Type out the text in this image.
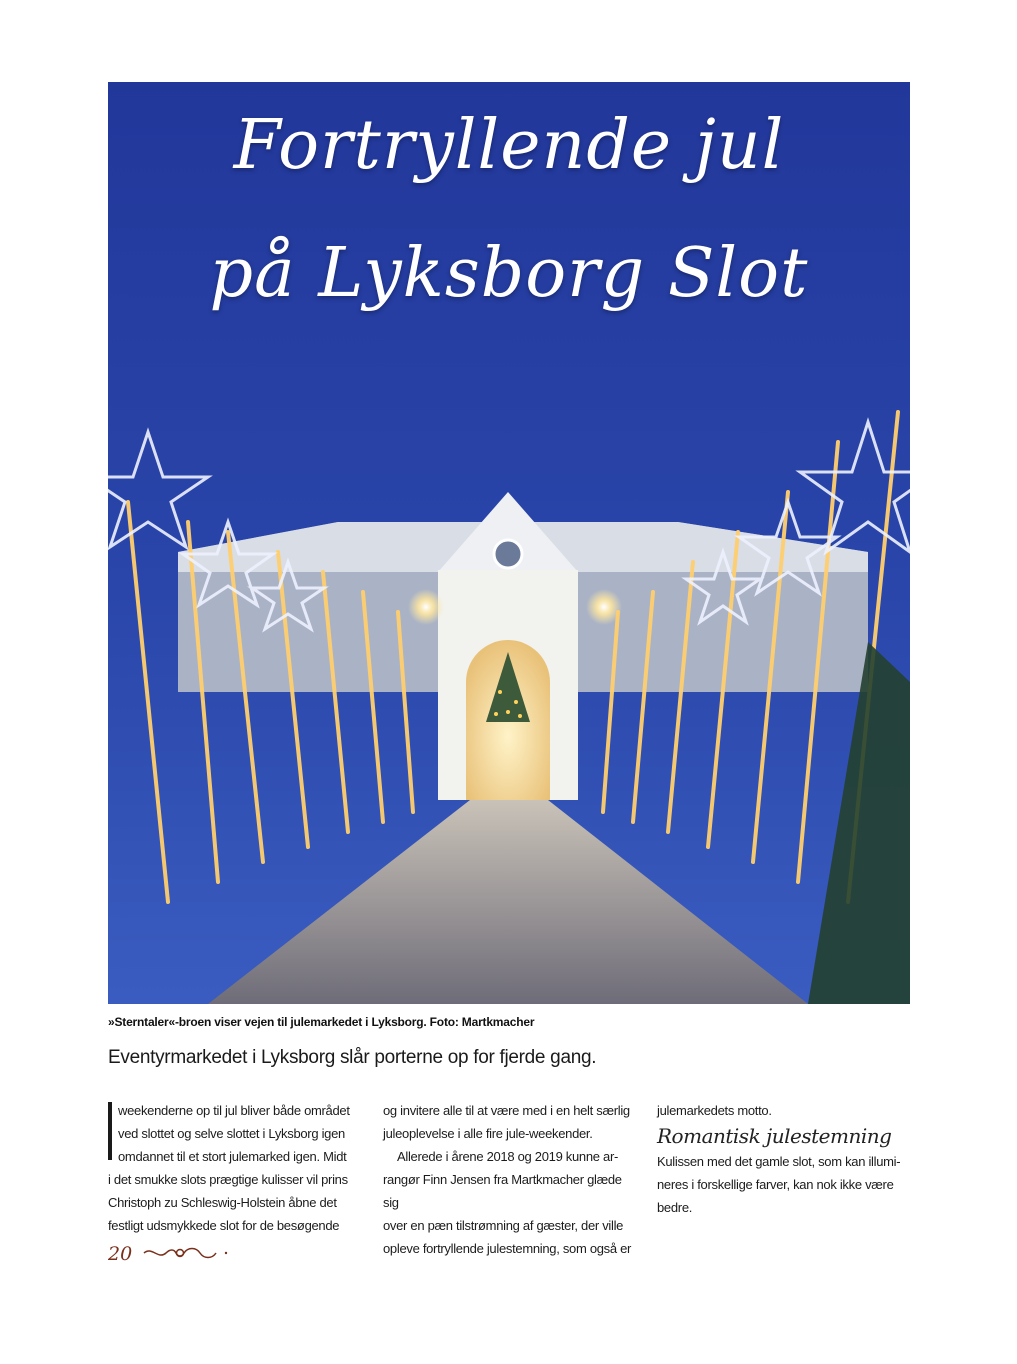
Fortryllende jul
på Lyksborg Slot
»Sterntaler«-broen viser vejen til julemarkedet i Lyksborg. Foto: Martkmacher
Eventyrmarkedet i Lyksborg slår porterne op for fjerde gang.

weekenderne op til jul bliver både området

ved slottet og selve slottet i Lyksborg igen

omdannet til et stort julemarked igen. Midt

i det smukke slots prægtige kulisser vil prins

Christoph zu Schleswig-Holstein åbne det

festligt udsmykkede slot for de besøgende

og invitere alle til at være med i en helt særlig

juleoplevelse i alle fire jule-weekender.

Allerede i årene 2018 og 2019 kunne ar-

rangør Finn Jensen fra Martkmacher glæde sig

over en pæn tilstrømning af gæster, der ville

opleve fortryllende julestemning, som også er

julemarkedets motto.

Romantisk julestemning

Kulissen med det gamle slot, som kan illumi-

neres i forskellige farver, kan nok ikke være

bedre.

20
